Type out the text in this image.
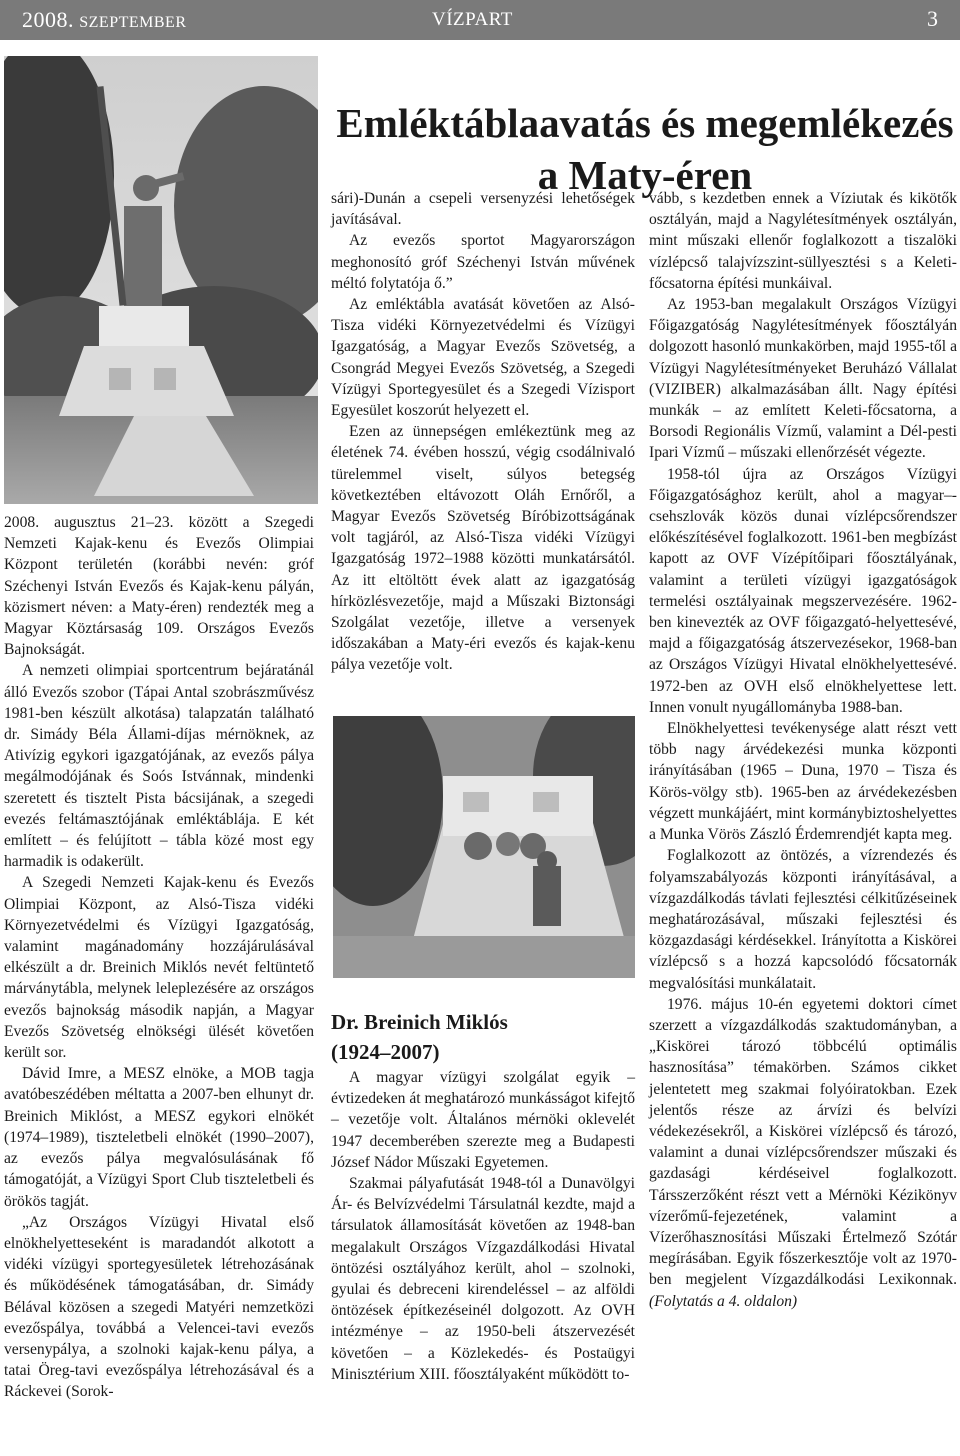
2008. SZEPTEMBER	VÍZPART	3
Emléktáblaavatás és megemlékezés a Maty-éren

2008. augusztus 21–23. között a Szegedi Nemzeti Kajak-kenu és Evezős Olimpiai Központ területén (korábbi nevén: gróf Széchenyi István Evezős és Kajak-kenu pályán, közismert néven: a Maty-éren) rendezték meg a Magyar Köztársaság 109. Országos Evezős Bajnokságát.

A nemzeti olimpiai sportcentrum bejáratánál álló Evezős szobor (Tápai Antal szobrászművész 1981-ben készült alkotása) talapzatán található dr. Simády Béla Állami-díjas mérnöknek, az Ativízig egykori igazgatójának, az evezős pálya megálmodójának és Soós Istvánnak, mindenki szeretett és tisztelt Pista bácsijának, a szegedi evezés feltámasztójának emléktáblája. E két említett – és felújított – tábla közé most egy harmadik is odakerült.

A Szegedi Nemzeti Kajak-kenu és Evezős Olimpiai Központ, az Alsó-Tisza vidéki Környezetvédelmi és Vízügyi Igazgatóság, valamint magánadomány hozzájárulásával elkészült a dr. Breinich Miklós nevét feltüntető márványtábla, melynek leleplezésére az országos evezős bajnokság második napján, a Magyar Evezős Szövetség elnökségi ülését követően került sor.

Dávid Imre, a MESZ elnöke, a MOB tagja avatóbeszédében méltatta a 2007-ben elhunyt dr. Breinich Miklóst, a MESZ egykori elnökét (1974–1989), tiszteletbeli elnökét (1990–2007), az evezős pálya megvalósulásának fő támogatóját, a Vízügyi Sport Club tiszteletbeli és örökös tagját.

„Az Országos Vízügyi Hivatal első elnökhelyetteseként is maradandót alkotott a vidéki vízügyi sportegyesületek létrehozásának és működésének támogatásában, dr. Simády Bélával közösen a szegedi Matyéri nemzetközi evezőspálya, továbbá a Velencei-tavi evezős versenypálya, a szolnoki kajak-kenu pálya, a tatai Öreg-tavi evezőspálya létrehozásával és a Ráckevei (Sorok-

sári)-Dunán a csepeli versenyzési lehetőségek javításával.

Az evezős sportot Magyarországon meghonosító gróf Széchenyi István művének méltó folytatója ő.”

Az emléktábla avatását követően az Alsó-Tisza vidéki Környezetvédelmi és Vízügyi Igazgatóság, a Magyar Evezős Szövetség, a Csongrád Megyei Evezős Szövetség, a Szegedi Vízügyi Sportegyesület és a Szegedi Vízisport Egyesület koszorút helyezett el.

Ezen az ünnepségen emlékeztünk meg az életének 74. évében hosszú, végig csodálnivaló türelemmel viselt, súlyos betegség következtében eltávozott Oláh Ernőről, a Magyar Evezős Szövetség Bíróbizottságának volt tagjáról, az Alsó-Tisza vidéki Vízügyi Igazgatóság 1972–1988 közötti munkatársától. Az itt eltöltött évek alatt az igazgatóság hírközlésvezetője, majd a Műszaki Biztonsági Szolgálat vezetője, illetve a versenyek időszakában a Maty-éri evezős és kajak-kenu pálya vezetője volt.

Dr. Breinich Miklós
(1924–2007)

A magyar vízügyi szolgálat egyik – évtizedeken át meghatározó munkásságot kifejtő – vezetője volt. Általános mérnöki oklevelét 1947 decemberében szerezte meg a Budapesti József Nádor Műszaki Egyetemen.

Szakmai pályafutását 1948-tól a Dunavölgyi Ár- és Belvízvédelmi Társulatnál kezdte, majd a társulatok államosítását követően az 1948-ban megalakult Országos Vízgazdálkodási Hivatal öntözési osztályához került, ahol – szolnoki, gyulai és debreceni kirendeléssel – az alföldi öntözések építkezéseinél dolgozott. Az OVH intézménye – az 1950-beli átszervezését követően – a Közlekedés- és Postaügyi Minisztérium XIII. főosztályaként működött to-

vább, s kezdetben ennek a Víziutak és kikötők osztályán, majd a Nagylétesítmények osztályán, mint műszaki ellenőr foglalkozott a tiszalöki vízlépcső talajvízszint-süllyesztési s a Keleti-főcsatorna építési munkáival.

Az 1953-ban megalakult Országos Vízügyi Főigazgatóság Nagylétesítmények főosztályán dolgozott hasonló munkakörben, majd 1955-től a Vízügyi Nagylétesítményeket Beruházó Vállalat (VIZIBER) alkalmazásában állt. Nagy építési munkák – az említett Keleti-főcsatorna, a Borsodi Regionális Vízmű, valamint a Dél-pesti Ipari Vízmű – műszaki ellenőrzését végezte.

1958-tól újra az Országos Vízügyi Főigazgatósághoz került, ahol a magyar–-csehszlovák közös dunai vízlépcsőrendszer előkészítésével foglalkozott. 1961-ben megbízást kapott az OVF Vízépítőipari főosztályának, valamint a területi vízügyi igazgatóságok termelési osztályainak megszervezésére. 1962-ben kinevezték az OVF főigazgató-helyettesévé, majd a főigazgatóság átszervezésekor, 1968-ban az Országos Vízügyi Hivatal elnökhelyettesévé. 1972-ben az OVH első elnökhelyettese lett. Innen vonult nyugállományba 1988-ban.

Elnökhelyettesi tevékenysége alatt részt vett több nagy árvédekezési munka központi irányításában (1965 – Duna, 1970 – Tisza és Körös-völgy stb). 1965-ben az árvédekezésben végzett munkájáért, mint kormánybiztoshelyettes a Munka Vörös Zászló Érdemrendjét kapta meg.

Foglalkozott az öntözés, a vízrendezés és folyamszabályozás központi irányításával, a vízgazdálkodás távlati fejlesztési célkitűzéseinek meghatározásával, műszaki fejlesztési és közgazdasági kérdésekkel. Irányította a Kiskörei vízlépcső s a hozzá kapcsolódó főcsatornák megvalósítási munkálatait.

1976. május 10-én egyetemi doktori címet szerzett a vízgazdálkodás szaktudományban, a „Kiskörei tározó többcélú optimális hasznosítása” témakörben. Számos cikket jelentetett meg szakmai folyóiratokban. Ezek jelentős része az árvízi és belvízi védekezésekről, a Kiskörei vízlépcső és tározó, valamint a dunai vízlépcsőrendszer műszaki és gazdasági kérdéseivel foglalkozott. Társszerzőként részt vett a Mérnöki Kézikönyv vízerőmű-fejezetének, valamint a Vízerőhasznosítási Műszaki Értelmező Szótár megírásában. Egyik főszerkesztője volt az 1970-ben megjelent Vízgazdálkodási Lexikonnak. (Folytatás a 4. oldalon)
